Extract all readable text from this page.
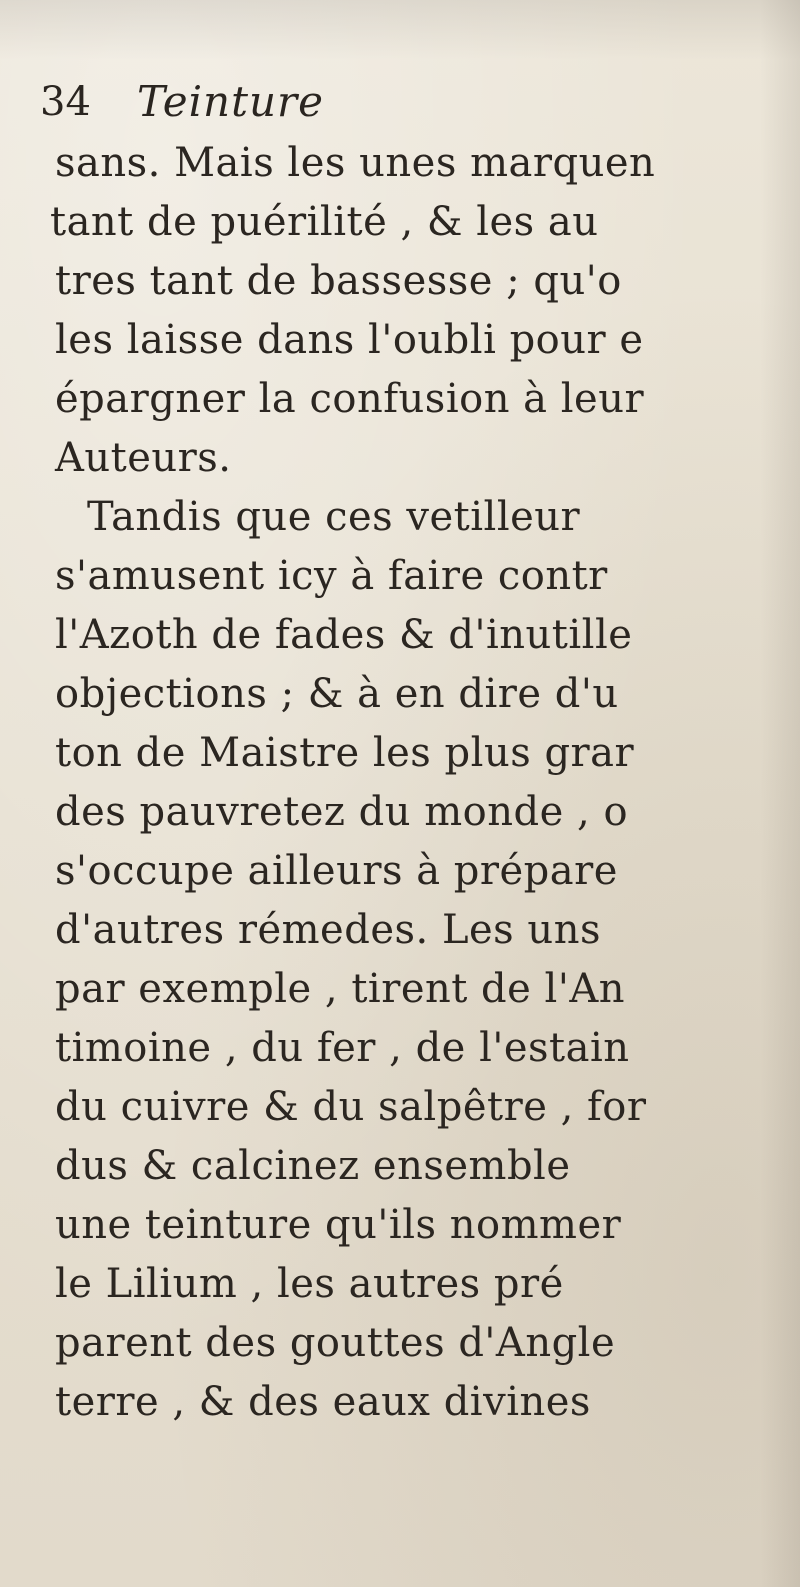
34 Teinture
sans. Mais les unes marquen
tant de puérilité , & les au
tres tant de bassesse ; qu'o
les laisse dans l'oubli pour e
épargner la confusion à leur
Auteurs.
Tandis que ces vetilleur
s'amusent icy à faire contr
l'Azoth de fades & d'inutille
objections ; & à en dire d'u
ton de Maistre les plus grar
des pauvretez du monde , o
s'occupe ailleurs à prépare
d'autres rémedes. Les uns
par exemple , tirent de l'An
timoine , du fer , de l'estain
du cuivre & du salpêtre , for
dus & calcinez ensemble
une teinture qu'ils nommer
le Lilium , les autres pré
parent des gouttes d'Angle
terre , & des eaux divines
